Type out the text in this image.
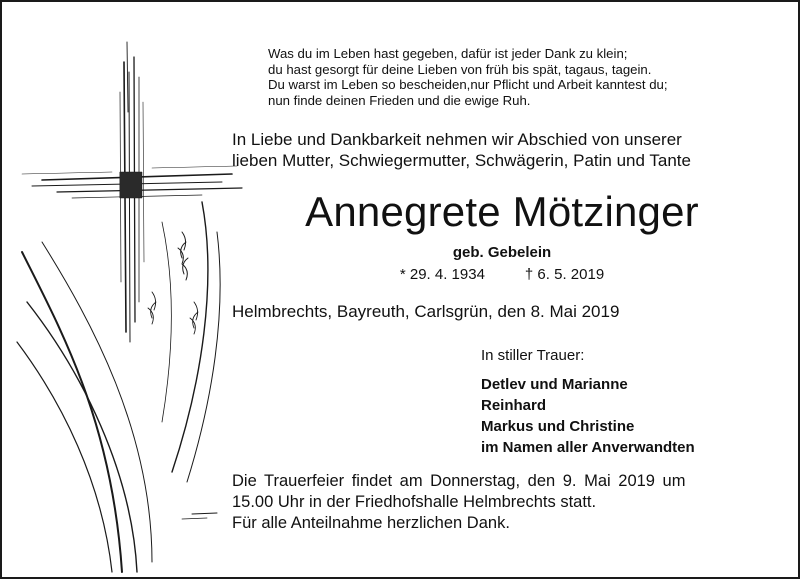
Was du im Leben hast gegeben, dafür ist jeder Dank zu klein;
du hast gesorgt für deine Lieben von früh bis spät, tagaus, tagein.
Du warst im Leben so bescheiden,nur Pflicht und Arbeit kanntest du;
nun finde deinen Frieden und die ewige Ruh.
In Liebe und Dankbarkeit nehmen wir Abschied von unserer
lieben Mutter, Schwiegermutter, Schwägerin, Patin und Tante
Annegrete Mötzinger
geb. Gebelein
* 29. 4. 1934	† 6. 5. 2019
Helmbrechts, Bayreuth, Carlsgrün, den 8. Mai 2019
In stiller Trauer:
Detlev und Marianne
Reinhard
Markus und Christine
im Namen aller Anverwandten
Die Trauerfeier findet am Donnerstag, den 9. Mai 2019 um
15.00 Uhr in der Friedhofshalle Helmbrechts statt.
Für alle Anteilnahme herzlichen Dank.
